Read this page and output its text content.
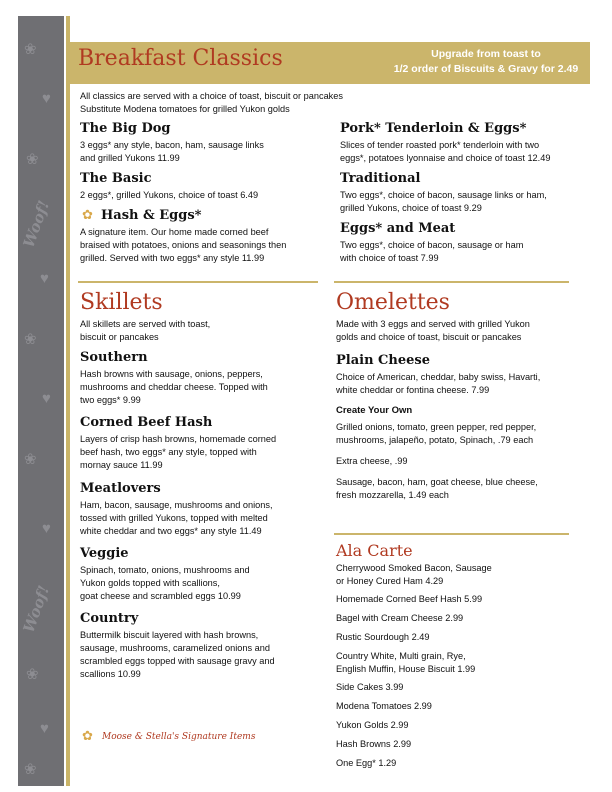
❀
♥
❀
Woof!
♥
❀
♥
❀
♥
Woof!
❀
♥
❀
Breakfast Classics	Upgrade from toast to
1/2 order of Biscuits & Gravy for 2.49
All classics are served with a choice of toast, biscuit or pancakes
Substitute Modena tomatoes for grilled Yukon golds
The Big Dog
3 eggs* any style, bacon, ham, sausage links
and grilled Yukons 11.99
The Basic
2 eggs*, grilled Yukons, choice of toast 6.49
✿ Hash & Eggs*
A signature item. Our home made corned beef
braised with potatoes, onions and seasonings then
grilled. Served with two eggs* any style 11.99
Pork* Tenderloin & Eggs*
Slices of tender roasted pork* tenderloin with two
eggs*, potatoes lyonnaise and choice of toast 12.49
Traditional
Two eggs*, choice of bacon, sausage links or ham,
grilled Yukons, choice of toast 9.29
Eggs* and Meat
Two eggs*, choice of bacon, sausage or ham
with choice of toast 7.99
Skillets
All skillets are served with toast,
biscuit or pancakes
Southern
Hash browns with sausage, onions, peppers,
mushrooms and cheddar cheese. Topped with
two eggs* 9.99
Corned Beef Hash
Layers of crisp hash browns, homemade corned
beef hash, two eggs* any style, topped with
mornay sauce 11.99
Meatlovers
Ham, bacon, sausage, mushrooms and onions,
tossed with grilled Yukons, topped with melted
white cheddar and two eggs* any style 11.49
Veggie
Spinach, tomato, onions, mushrooms and
Yukon golds topped with scallions,
goat cheese and scrambled eggs 10.99
Country
Buttermilk biscuit layered with hash browns,
sausage, mushrooms, caramelized onions and
scrambled eggs topped with sausage gravy and
scallions 10.99
Omelettes
Made with 3 eggs and served with grilled Yukon
golds and choice of toast, biscuit or pancakes
Plain Cheese
Choice of American, cheddar, baby swiss, Havarti,
white cheddar or fontina cheese. 7.99
Create Your Own
Grilled onions, tomato, green pepper, red pepper,
mushrooms, jalapeño, potato, Spinach, .79 each
Extra cheese, .99
Sausage, bacon, ham, goat cheese, blue cheese,
fresh mozzarella, 1.49 each
Ala Carte
Cherrywood Smoked Bacon, Sausage
or Honey Cured Ham 4.29
Homemade Corned Beef Hash 5.99
Bagel with Cream Cheese 2.99
Rustic Sourdough 2.49
Country White, Multi grain, Rye,
English Muffin, House Biscuit 1.99
Side Cakes 3.99
Modena Tomatoes 2.99
Yukon Golds 2.99
Hash Browns 2.99
One Egg* 1.29
✿ Moose & Stella's Signature Items
